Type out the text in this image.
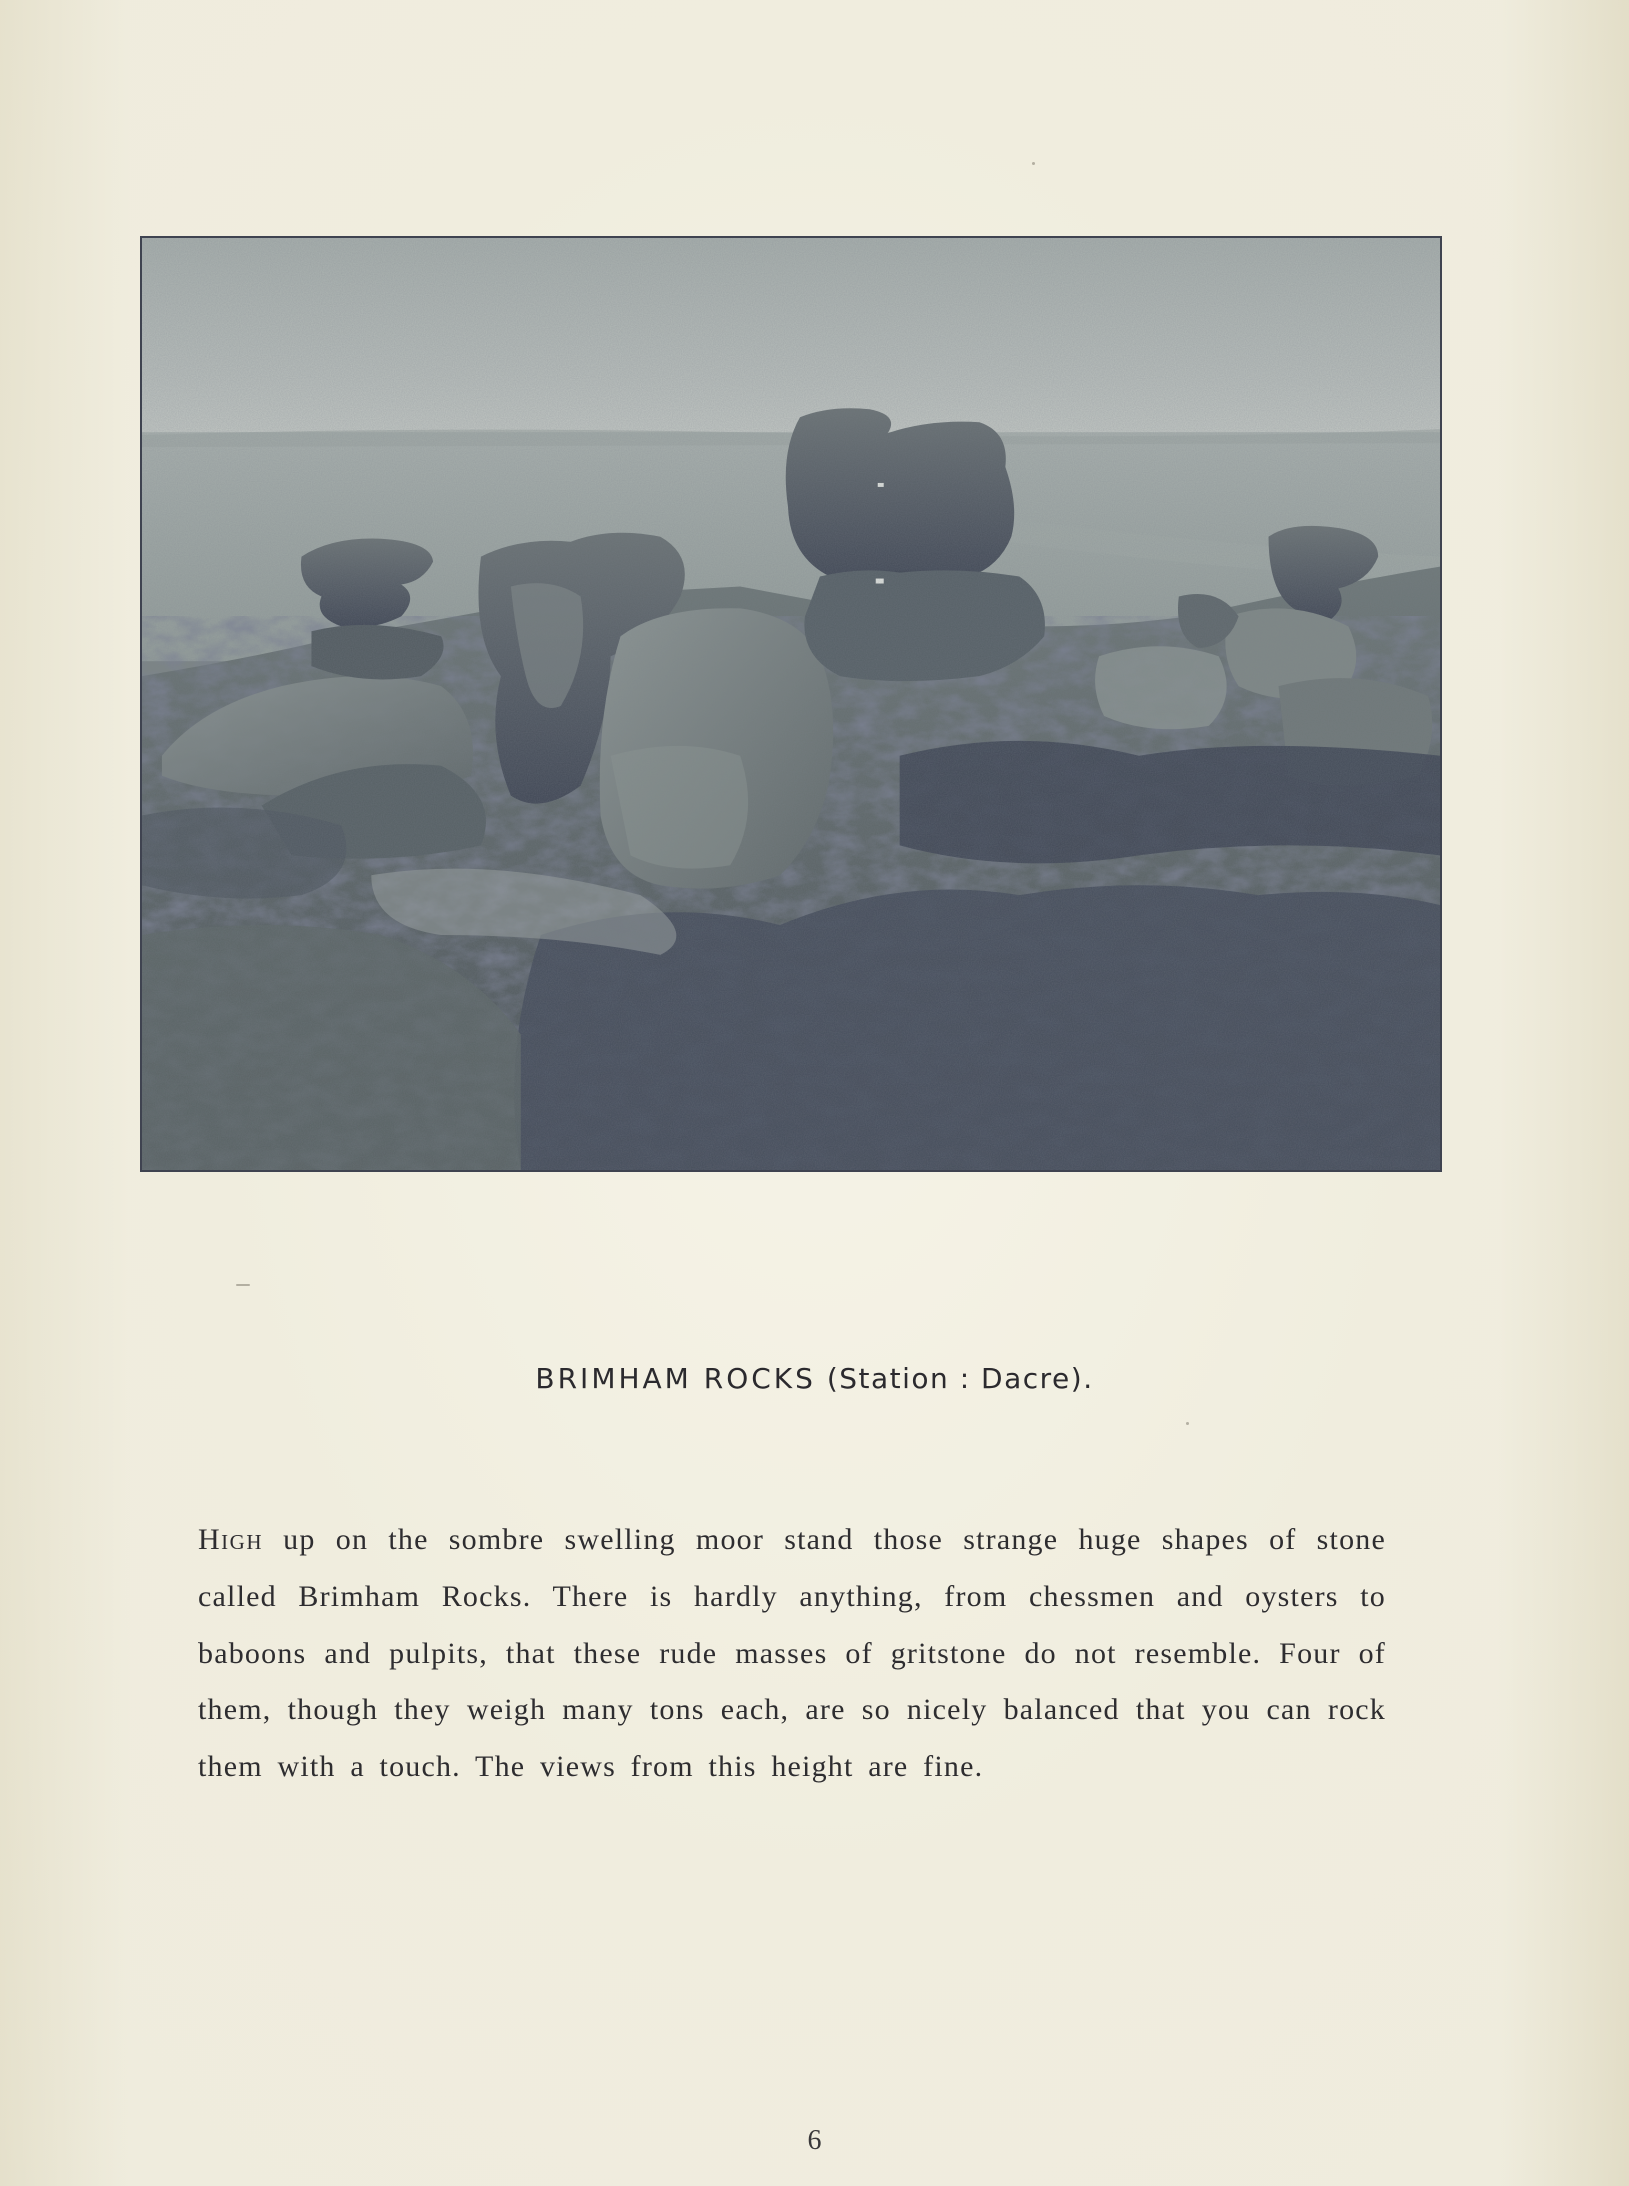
BRIMHAM ROCKS (Station : Dacre).
High up on the sombre swelling moor stand those strange huge shapes of stone called Brimham Rocks. There is hardly anything, from chessmen and oysters to baboons and pulpits, that these rude masses of gritstone do not resemble. Four of them, though they weigh many tons each, are so nicely balanced that you can rock them with a touch. The views from this height are fine.
6
